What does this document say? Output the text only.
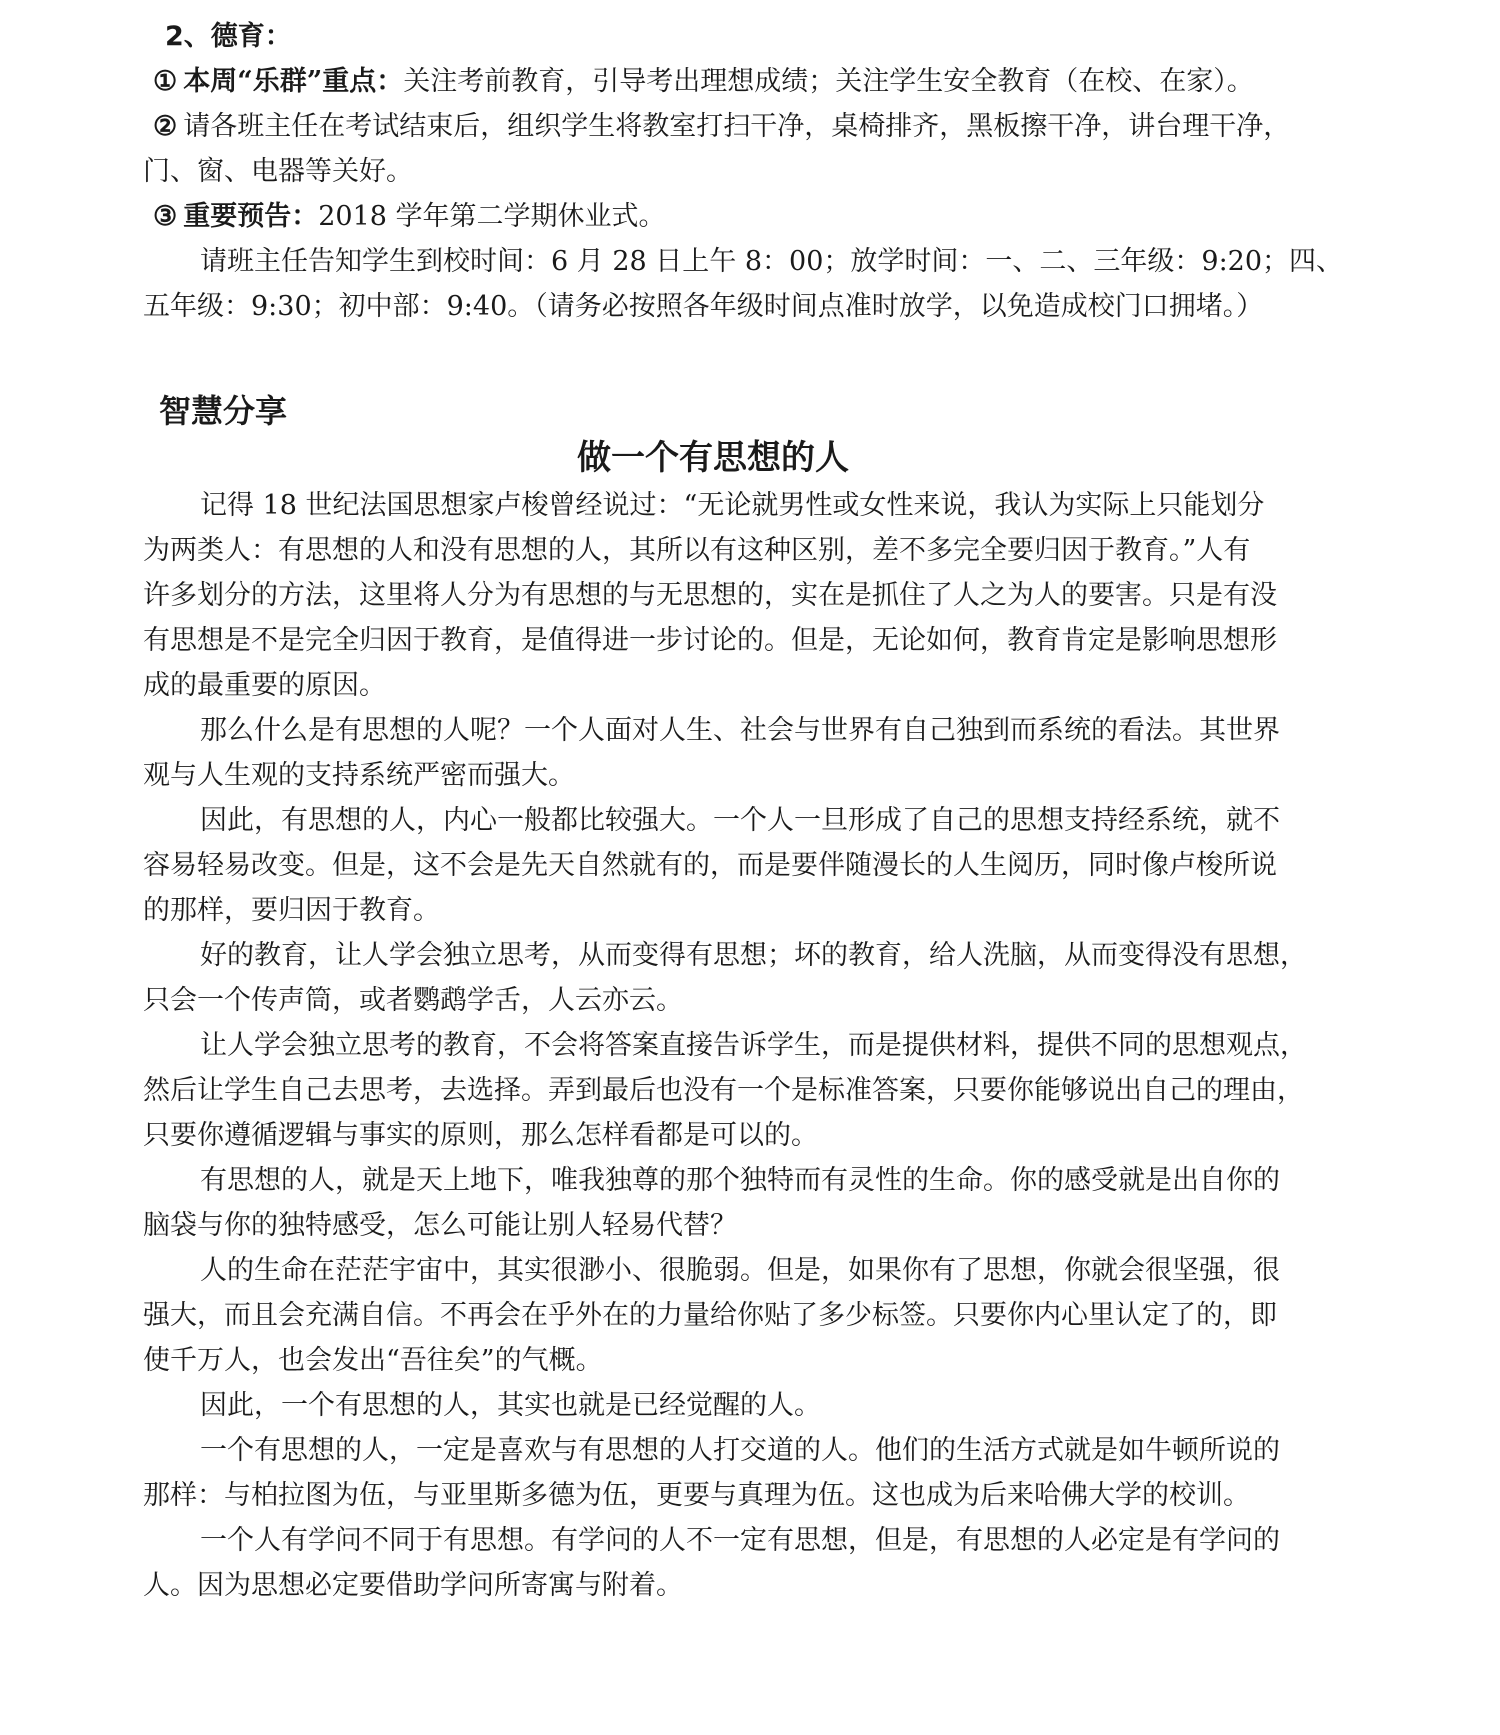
2、德育：
① 本周“乐群”重点：关注考前教育，引导考出理想成绩；关注学生安全教育（在校、在家）。
② 请各班主任在考试结束后，组织学生将教室打扫干净，桌椅排齐，黑板擦干净，讲台理干净，
门、窗、电器等关好。
③ 重要预告：2018 学年第二学期休业式。
请班主任告知学生到校时间：6 月 28 日上午 8：00；放学时间：一、二、三年级：9:20；四、
五年级：9:30；初中部：9:40。（请务必按照各年级时间点准时放学，以免造成校门口拥堵。）
智慧分享
做一个有思想的人
记得 18 世纪法国思想家卢梭曾经说过：“无论就男性或女性来说，我认为实际上只能划分
为两类人：有思想的人和没有思想的人，其所以有这种区别，差不多完全要归因于教育。”人有
许多划分的方法，这里将人分为有思想的与无思想的，实在是抓住了人之为人的要害。只是有没
有思想是不是完全归因于教育，是值得进一步讨论的。但是，无论如何，教育肯定是影响思想形
成的最重要的原因。
那么什么是有思想的人呢？一个人面对人生、社会与世界有自己独到而系统的看法。其世界
观与人生观的支持系统严密而强大。
因此，有思想的人，内心一般都比较强大。一个人一旦形成了自己的思想支持经系统，就不
容易轻易改变。但是，这不会是先天自然就有的，而是要伴随漫长的人生阅历，同时像卢梭所说
的那样，要归因于教育。
好的教育，让人学会独立思考，从而变得有思想；坏的教育，给人洗脑，从而变得没有思想，
只会一个传声筒，或者鹦鹉学舌，人云亦云。
让人学会独立思考的教育，不会将答案直接告诉学生，而是提供材料，提供不同的思想观点，
然后让学生自己去思考，去选择。弄到最后也没有一个是标准答案，只要你能够说出自己的理由，
只要你遵循逻辑与事实的原则，那么怎样看都是可以的。
有思想的人，就是天上地下，唯我独尊的那个独特而有灵性的生命。你的感受就是出自你的
脑袋与你的独特感受，怎么可能让别人轻易代替？
人的生命在茫茫宇宙中，其实很渺小、很脆弱。但是，如果你有了思想，你就会很坚强，很
强大，而且会充满自信。不再会在乎外在的力量给你贴了多少标签。只要你内心里认定了的，即
使千万人，也会发出“吾往矣”的气概。
因此，一个有思想的人，其实也就是已经觉醒的人。
一个有思想的人，一定是喜欢与有思想的人打交道的人。他们的生活方式就是如牛顿所说的
那样：与柏拉图为伍，与亚里斯多德为伍，更要与真理为伍。这也成为后来哈佛大学的校训。
一个人有学问不同于有思想。有学问的人不一定有思想，但是，有思想的人必定是有学问的
人。因为思想必定要借助学问所寄寓与附着。
